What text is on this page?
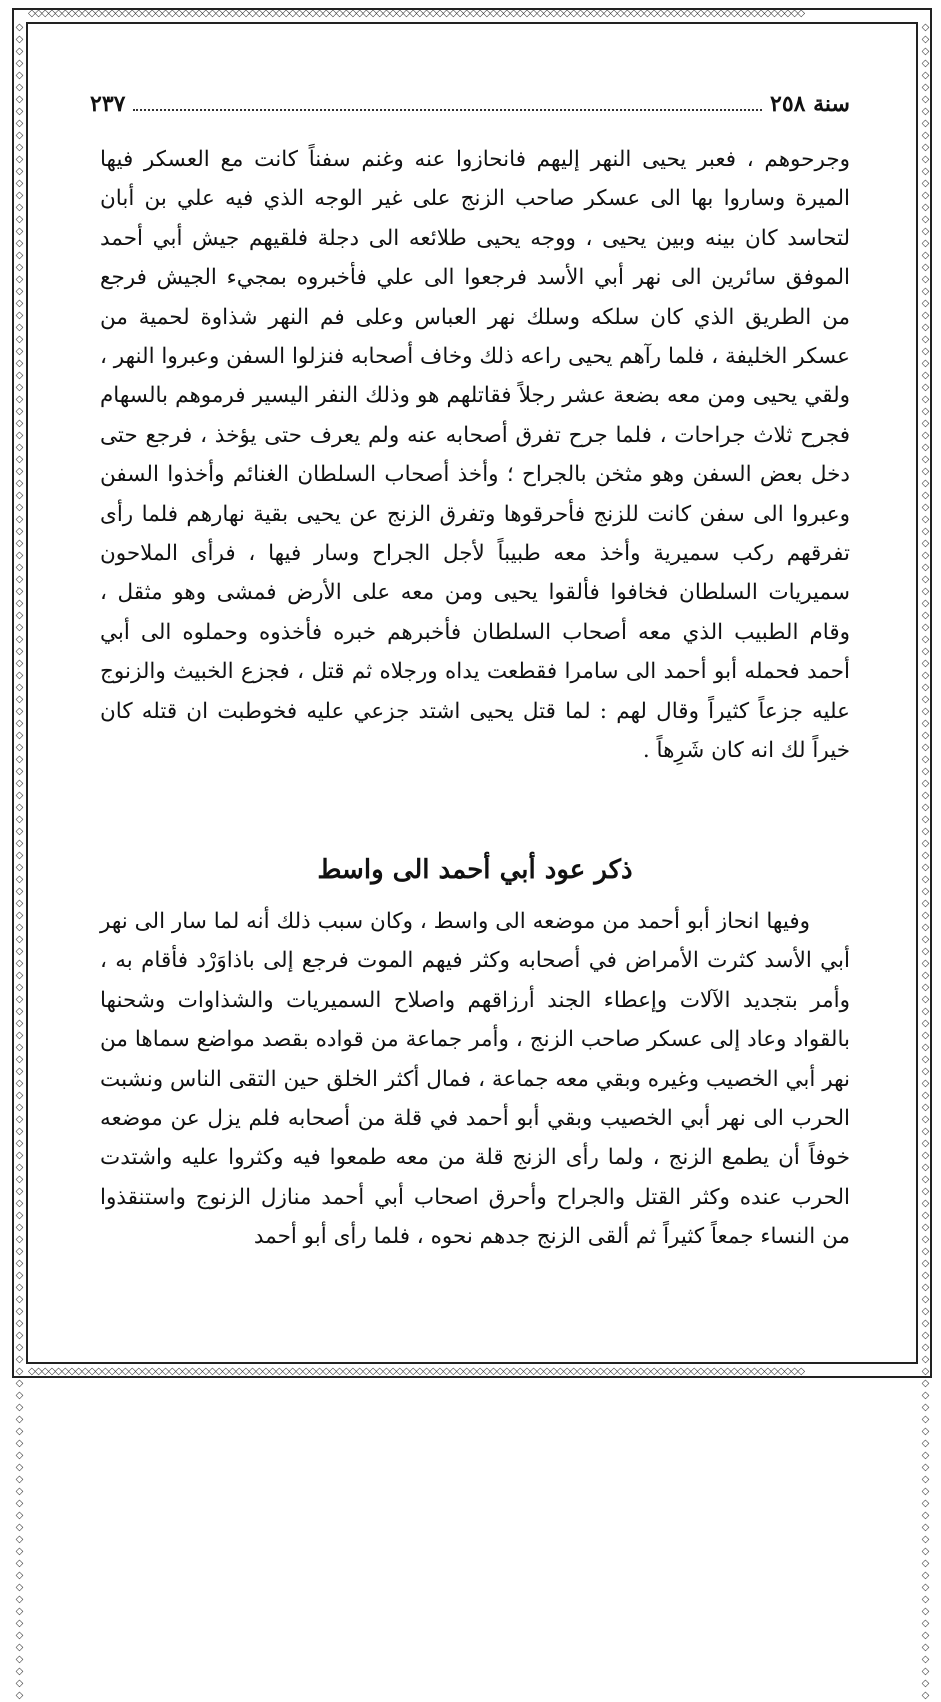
◇◇◇◇◇◇◇◇◇◇◇◇◇◇◇◇◇◇◇◇◇◇◇◇◇◇◇◇◇◇◇◇◇◇◇◇◇◇◇◇◇◇◇◇◇◇◇◇◇◇◇◇◇◇◇◇◇◇◇◇◇◇◇◇◇◇◇◇◇◇◇◇◇◇◇◇◇◇◇◇◇◇◇◇◇◇◇◇◇◇◇◇◇◇◇◇◇◇◇◇◇◇◇◇◇◇◇◇◇◇◇◇◇◇◇◇
◇◇◇◇◇◇◇◇◇◇◇◇◇◇◇◇◇◇◇◇◇◇◇◇◇◇◇◇◇◇◇◇◇◇◇◇◇◇◇◇◇◇◇◇◇◇◇◇◇◇◇◇◇◇◇◇◇◇◇◇◇◇◇◇◇◇◇◇◇◇◇◇◇◇◇◇◇◇◇◇◇◇◇◇◇◇◇◇◇◇◇◇◇◇◇◇◇◇◇◇◇◇◇◇◇◇◇◇◇◇◇◇◇◇◇◇
◇◇◇◇◇◇◇◇◇◇◇◇◇◇◇◇◇◇◇◇◇◇◇◇◇◇◇◇◇◇◇◇◇◇◇◇◇◇◇◇◇◇◇◇◇◇◇◇◇◇◇◇◇◇◇◇◇◇◇◇◇◇◇◇◇◇◇◇◇◇◇◇◇◇◇◇◇◇◇◇◇◇◇◇◇◇◇◇◇◇◇◇◇◇◇◇◇◇◇◇◇◇◇◇◇◇◇◇◇◇◇◇◇◇◇◇◇◇◇◇◇◇◇◇◇◇◇◇◇◇◇◇◇◇◇◇◇◇◇◇
◇◇◇◇◇◇◇◇◇◇◇◇◇◇◇◇◇◇◇◇◇◇◇◇◇◇◇◇◇◇◇◇◇◇◇◇◇◇◇◇◇◇◇◇◇◇◇◇◇◇◇◇◇◇◇◇◇◇◇◇◇◇◇◇◇◇◇◇◇◇◇◇◇◇◇◇◇◇◇◇◇◇◇◇◇◇◇◇◇◇◇◇◇◇◇◇◇◇◇◇◇◇◇◇◇◇◇◇◇◇◇◇◇◇◇◇◇◇◇◇◇◇◇◇◇◇◇◇◇◇◇◇◇◇◇◇◇◇◇◇
سنة ٢٥٨
٢٣٧
وجرحوهم ، فعبر يحيى النهر إليهم فانحازوا عنه وغنم سفناً كانت مع العسكر فيها الميرة وساروا بها الى عسكر صاحب الزنج على غير الوجه الذي فيه علي بن أبان لتحاسد كان بينه وبين يحيى ، ووجه يحيى طلائعه الى دجلة فلقيهم جيش أبي أحمد الموفق سائرين الى نهر أبي الأسد فرجعوا الى علي فأخبروه بمجيء الجيش فرجع من الطريق الذي كان سلكه وسلك نهر العباس وعلى فم النهر شذاوة لحمية من عسكر الخليفة ، فلما رآهم يحيى راعه ذلك وخاف أصحابه فنزلوا السفن وعبروا النهر ، ولقي يحيى ومن معه بضعة عشر رجلاً فقاتلهم هو وذلك النفر اليسير فرموهم بالسهام فجرح ثلاث جراحات ، فلما جرح تفرق أصحابه عنه ولم يعرف حتى يؤخذ ، فرجع حتى دخل بعض السفن وهو مثخن بالجراح ؛ وأخذ أصحاب السلطان الغنائم وأخذوا السفن وعبروا الى سفن كانت للزنج فأحرقوها وتفرق الزنج عن يحيى بقية نهارهم فلما رأى تفرقهم ركب سميرية وأخذ معه طبيباً لأجل الجراح وسار فيها ، فرأى الملاحون سميريات السلطان فخافوا فألقوا يحيى ومن معه على الأرض فمشى وهو مثقل ، وقام الطبيب الذي معه أصحاب السلطان فأخبرهم خبره فأخذوه وحملوه الى أبي أحمد فحمله أبو أحمد الى سامرا فقطعت يداه ورجلاه ثم قتل ، فجزع الخبيث والزنوج عليه جزعاً كثيراً وقال لهم : لما قتل يحيى اشتد جزعي عليه فخوطبت ان قتله كان خيراً لك انه كان شَرِهاً .
ذكر عود أبي أحمد الى واسط
وفيها انحاز أبو أحمد من موضعه الى واسط ، وكان سبب ذلك أنه لما سار الى نهر أبي الأسد كثرت الأمراض في أصحابه وكثر فيهم الموت فرجع إلى باذاوَرْد فأقام به ، وأمر بتجديد الآلات وإعطاء الجند أرزاقهم واصلاح السميريات والشذاوات وشحنها بالقواد وعاد إلى عسكر صاحب الزنج ، وأمر جماعة من قواده بقصد مواضع سماها من نهر أبي الخصيب وغيره وبقي معه جماعة ، فمال أكثر الخلق حين التقى الناس ونشبت الحرب الى نهر أبي الخصيب وبقي أبو أحمد في قلة من أصحابه فلم يزل عن موضعه خوفاً أن يطمع الزنج ، ولما رأى الزنج قلة من معه طمعوا فيه وكثروا عليه واشتدت الحرب عنده وكثر القتل والجراح وأحرق اصحاب أبي أحمد منازل الزنوج واستنقذوا من النساء جمعاً كثيراً ثم ألقى الزنج جدهم نحوه ، فلما رأى أبو أحمد
